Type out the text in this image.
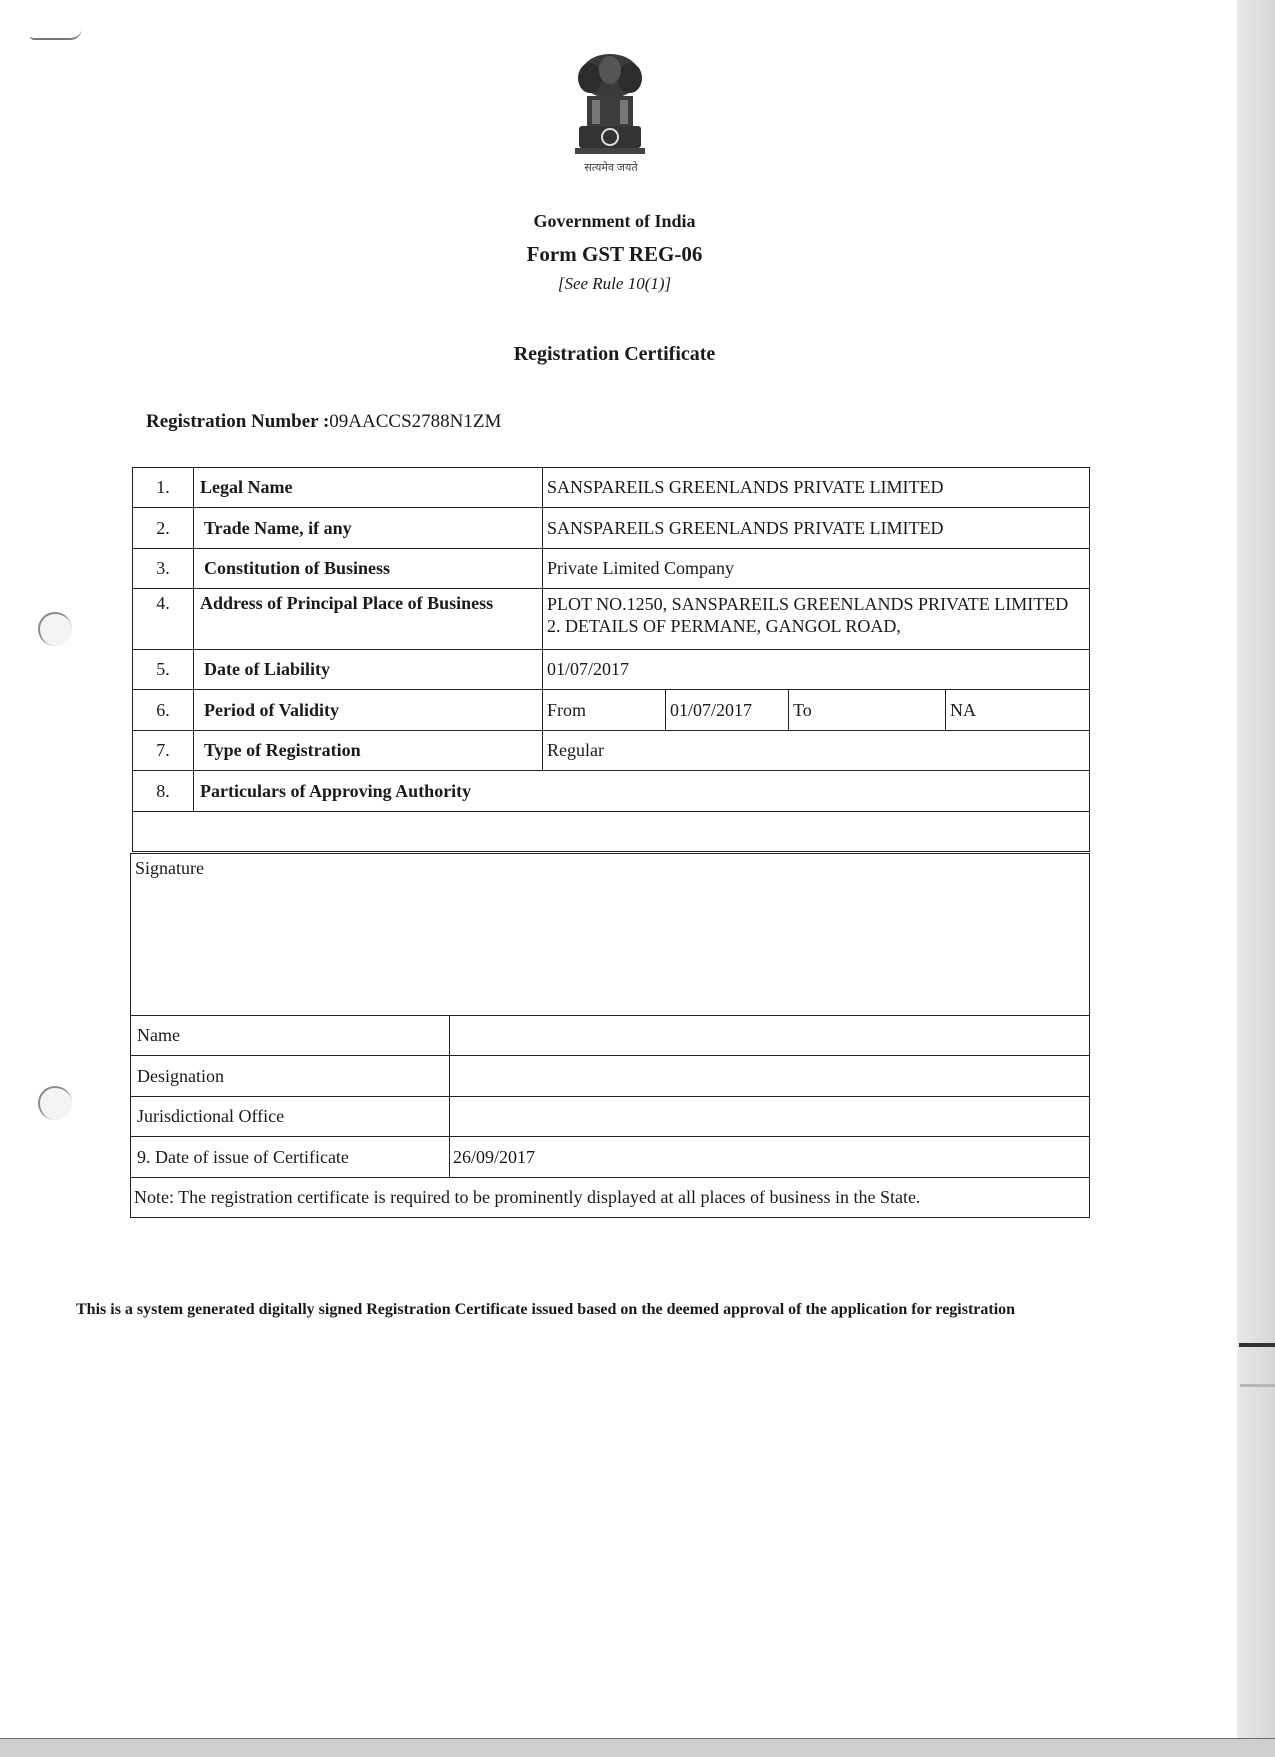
सत्यमेव जयते
Government of India
Form GST REG-06
[See Rule 10(1)]
Registration Certificate
Registration Number :09AACCS2788N1ZM
1.	Legal Name	SANSPAREILS GREENLANDS PRIVATE LIMITED			
2.	Trade Name, if any	SANSPAREILS GREENLANDS PRIVATE LIMITED			
3.	Constitution of Business	Private Limited Company			
4.	Address of Principal Place of Business	PLOT NO.1250, SANSPAREILS GREENLANDS PRIVATE LIMITED 2. DETAILS OF PERMANE, GANGOL ROAD,			
5.	Date of Liability	01/07/2017			
6.	Period of Validity	From	01/07/2017	To	NA
7.	Type of Registration	Regular			
8.	Particulars of Approving Authority				

Signature	
Name	
Designation	
Jurisdictional Office	
9. Date of issue of Certificate	26/09/2017
Note: The registration certificate is required to be prominently displayed at all places of business in the State.	
This is a system generated digitally signed Registration Certificate issued based on the deemed approval of the application for registration
